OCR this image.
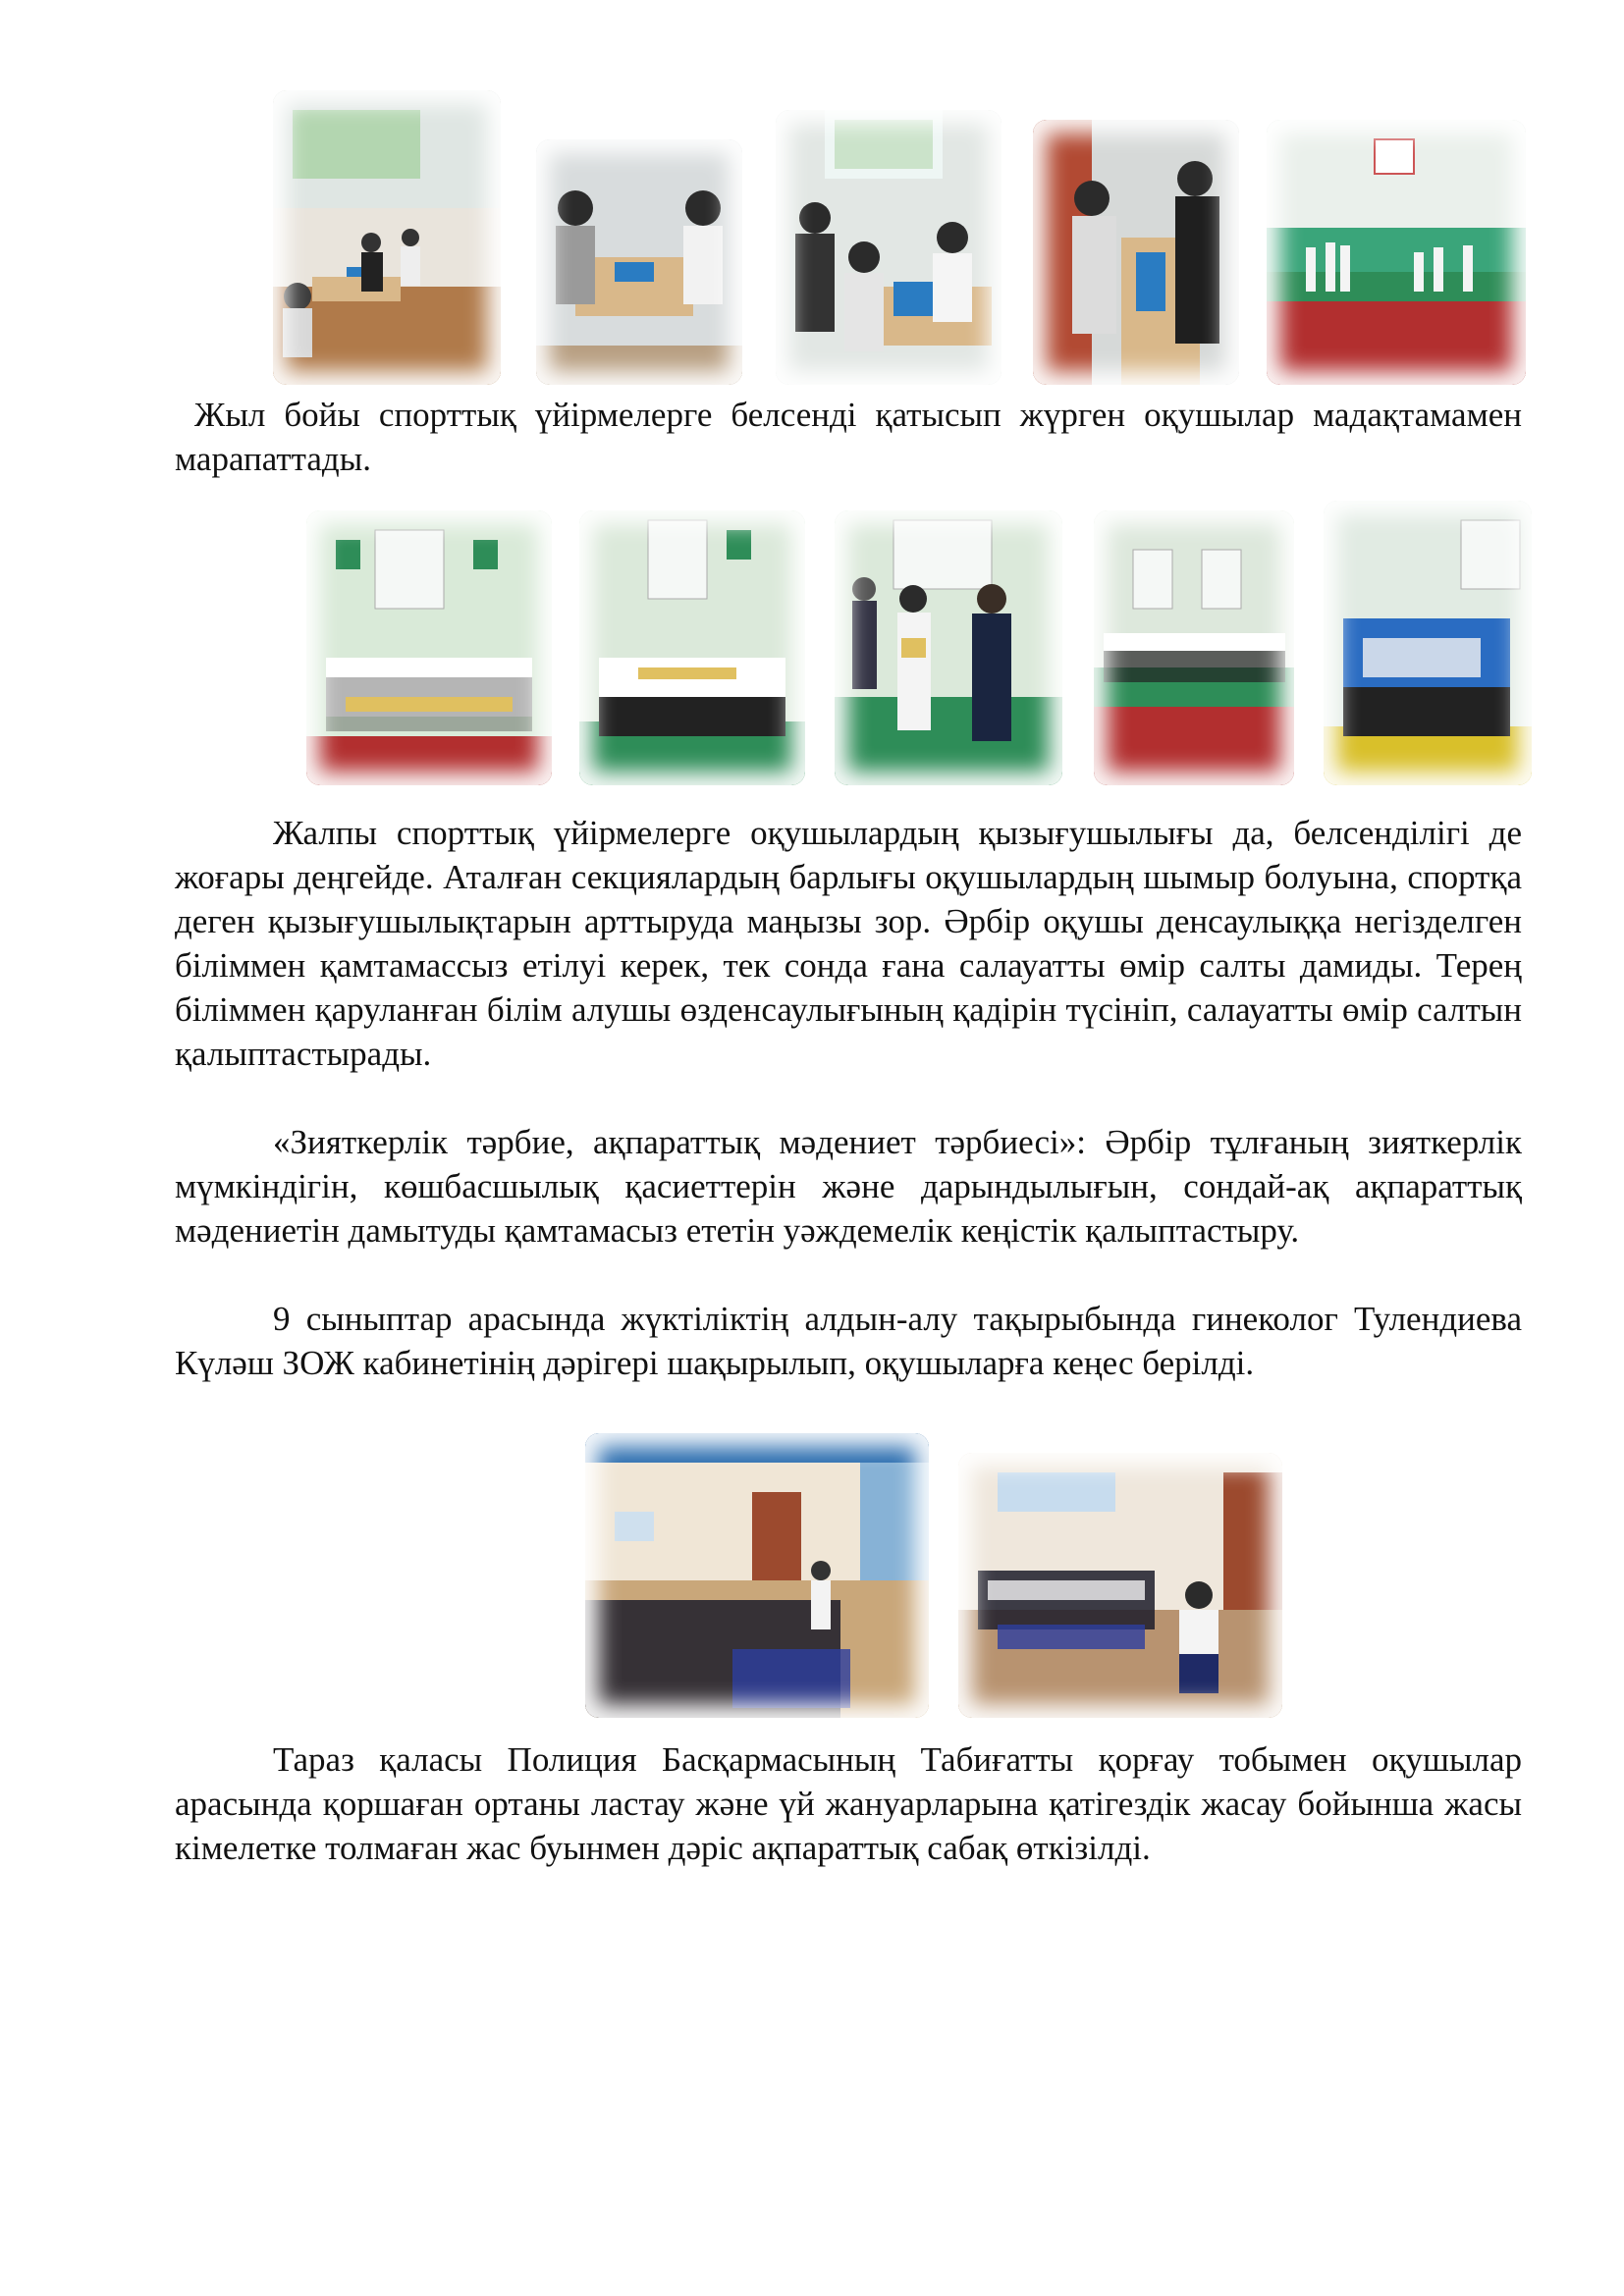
Жыл бойы спорттық үйірмелерге белсенді қатысып жүрген оқушылар мадақтамамен марапаттады.

Жалпы спорттық үйірмелерге оқушылардың қызығушылығы да, белсенділігі де жоғары деңгейде. Аталған секциялардың барлығы оқушылардың шымыр болуына, спортқа деген қызығушылықтарын арттыруда маңызы зор. Әрбір оқушы денсаулыққа негізделген біліммен қамтамассыз етілуі керек, тек сонда ғана салауатты өмір салты дамиды. Терең біліммен қаруланған білім алушы өзденсаулығының қадірін түсініп, салауатты өмір салтын қалыптастырады.

«Зияткерлік тәрбие, ақпараттық мәдениет тәрбиесі»: Әрбір тұлғаның зияткерлік мүмкіндігін, көшбасшылық қасиеттерін және дарындылығын, сондай-ақ ақпараттық мәдениетін дамытуды қамтамасыз ететін уәждемелік кеңістік қалыптастыру.

9 сыныптар арасында жүктіліктің алдын-алу тақырыбында гинеколог Тулендиева Күләш ЗОЖ кабинетінің дәрігері шақырылып, оқушыларға кеңес берілді.

Тараз қаласы Полиция Басқармасының Табиғатты қорғау тобымен оқушылар арасында қоршаған ортаны ластау және үй жануарларына қатігездік жасау бойынша жасы кімелетке толмаған жас буынмен дәріс ақпараттық сабақ өткізілді.
